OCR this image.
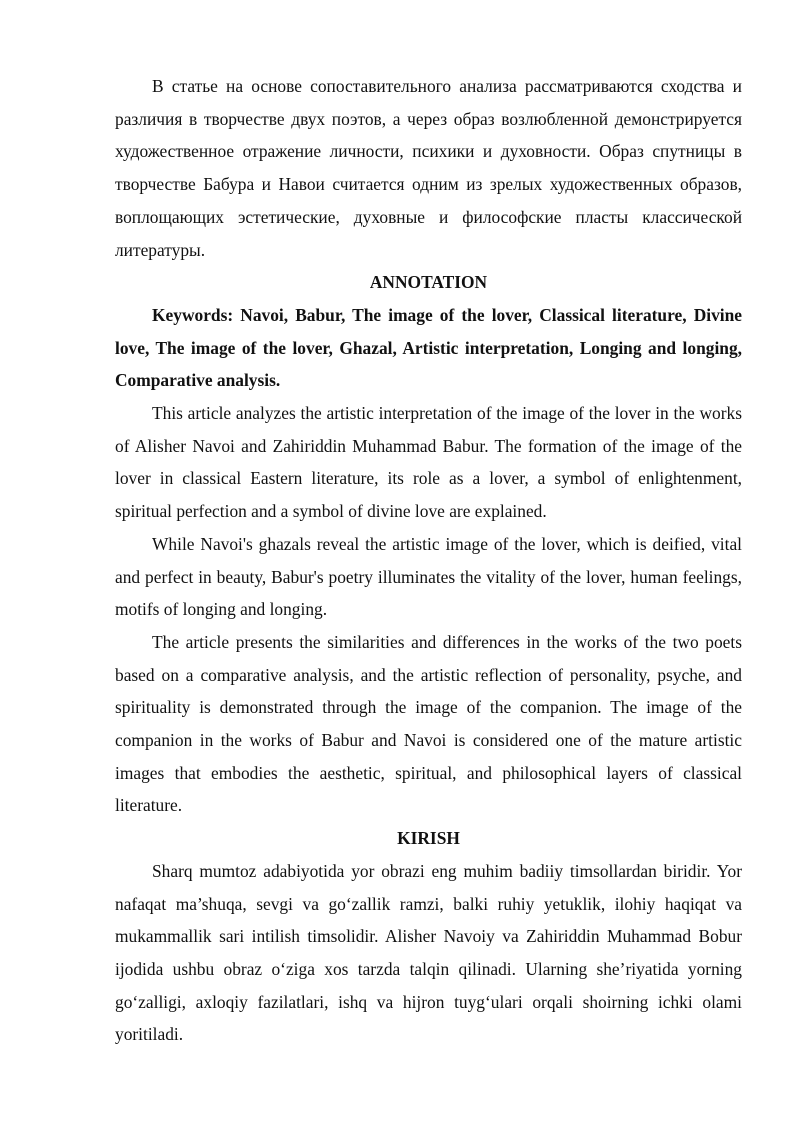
В статье на основе сопоставительного анализа рассматриваются сходства и различия в творчестве двух поэтов, а через образ возлюбленной демонстрируется художественное отражение личности, психики и духовности. Образ спутницы в творчестве Бабура и Навои считается одним из зрелых художественных образов, воплощающих эстетические, духовные и философские пласты классической литературы.

ANNOTATION

Keywords: Navoi, Babur, The image of the lover, Classical literature, Divine love, The image of the lover, Ghazal, Artistic interpretation, Longing and longing, Comparative analysis.

This article analyzes the artistic interpretation of the image of the lover in the works of Alisher Navoi and Zahiriddin Muhammad Babur. The formation of the image of the lover in classical Eastern literature, its role as a lover, a symbol of enlightenment, spiritual perfection and a symbol of divine love are explained.

While Navoi's ghazals reveal the artistic image of the lover, which is deified, vital and perfect in beauty, Babur's poetry illuminates the vitality of the lover, human feelings, motifs of longing and longing.

The article presents the similarities and differences in the works of the two poets based on a comparative analysis, and the artistic reflection of personality, psyche, and spirituality is demonstrated through the image of the companion. The image of the companion in the works of Babur and Navoi is considered one of the mature artistic images that embodies the aesthetic, spiritual, and philosophical layers of classical literature.

KIRISH

Sharq mumtoz adabiyotida yor obrazi eng muhim badiiy timsollardan biridir. Yor nafaqat ma’shuqa, sevgi va go‘zallik ramzi, balki ruhiy yetuklik, ilohiy haqiqat va mukammallik sari intilish timsolidir. Alisher Navoiy va Zahiriddin Muhammad Bobur ijodida ushbu obraz o‘ziga xos tarzda talqin qilinadi. Ularning she’riyatida yorning go‘zalligi, axloqiy fazilatlari, ishq va hijron tuyg‘ulari orqali shoirning ichki olami yoritiladi.
